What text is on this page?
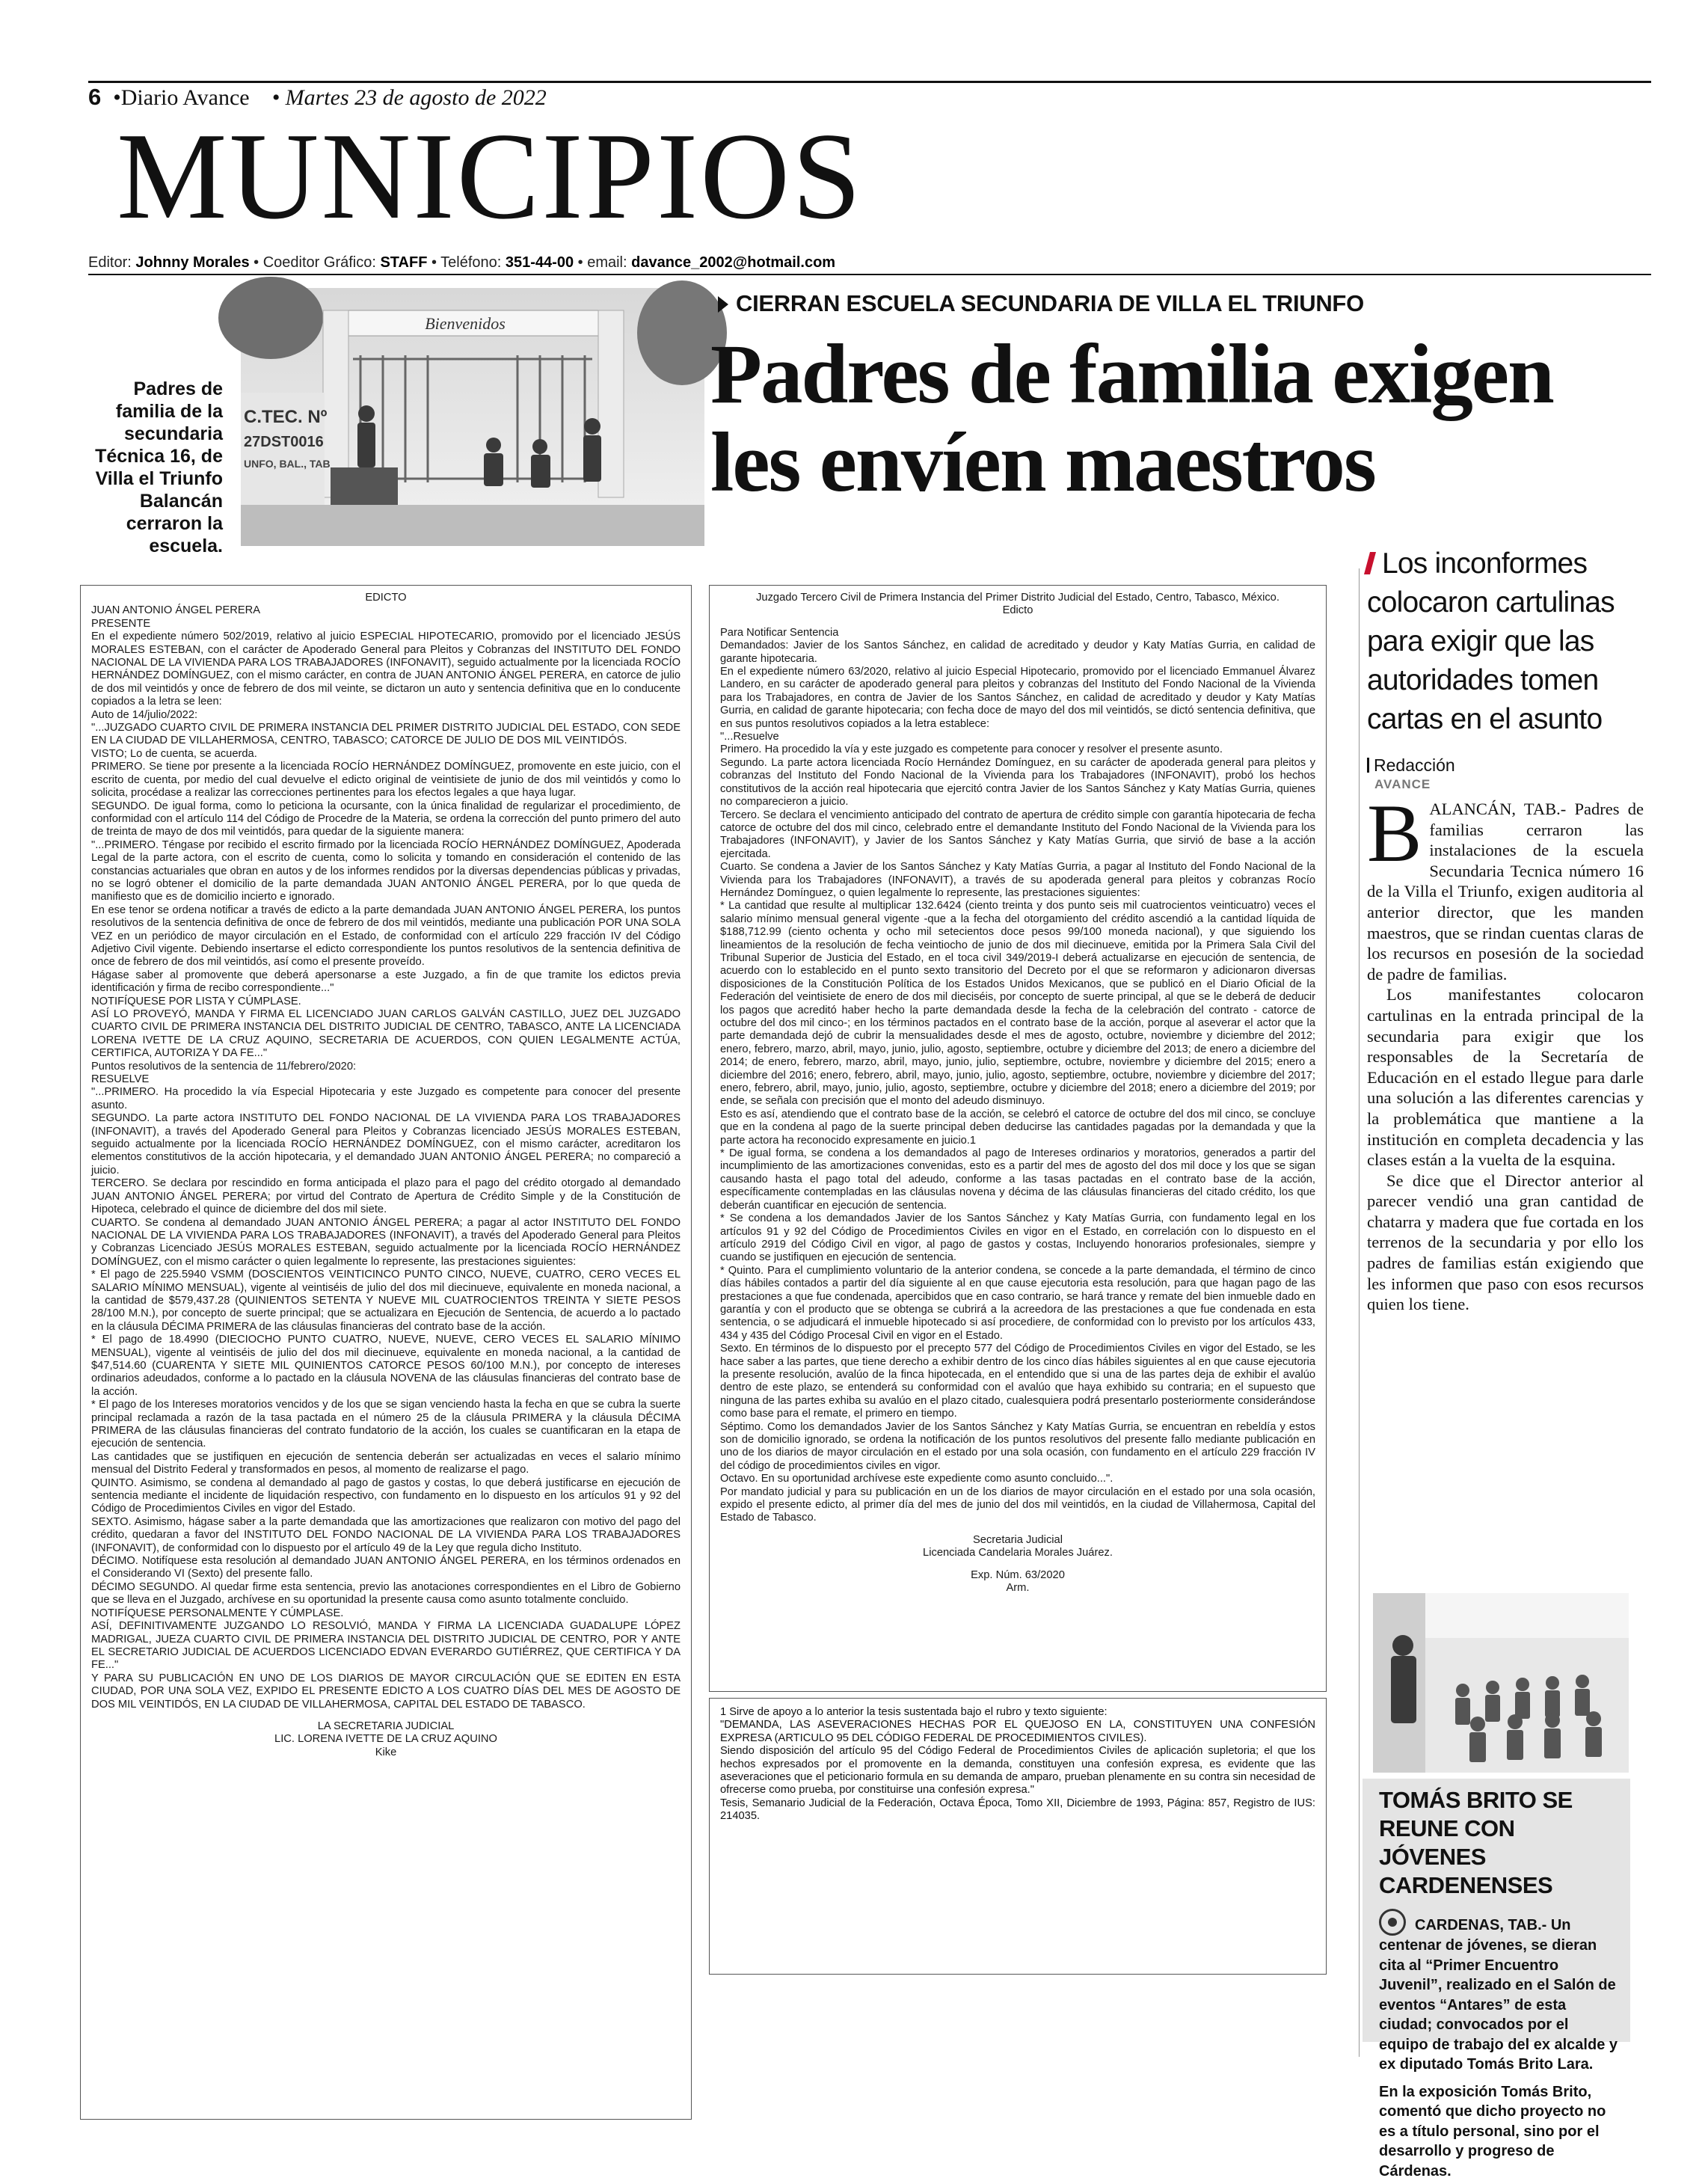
6 •Diario Avance • Martes 23 de agosto de 2022
MUNICIPIOS
Editor: Johnny Morales • Coeditor Gráfico: STAFF • Teléfono: 351-44-00 • email: davance_2002@hotmail.com
Bienvenidos
C.TEC. Nº
27DST0016
UNFO, BAL., TAB
Padres de familia de la secundaria Técnica 16, de Villa el Triunfo Balancán cerraron la escuela.
CIERRAN ESCUELA SECUNDARIA DE VILLA EL TRIUNFO
Padres de familia exigen
les envíen maestros

EDICTO

JUAN ANTONIO ÁNGEL PERERA

PRESENTE

En el expediente número 502/2019, relativo al juicio ESPECIAL HIPOTECARIO, promovido por el licenciado JESÚS MORALES ESTEBAN, con el carácter de Apoderado General para Pleitos y Cobranzas del INSTITUTO DEL FONDO NACIONAL DE LA VIVIENDA PARA LOS TRABAJADORES (INFONAVIT), seguido actualmente por la licenciada ROCÍO HERNÁNDEZ DOMÍNGUEZ, con el mismo carácter, en contra de JUAN ANTONIO ÁNGEL PERERA, en catorce de julio de dos mil veintidós y once de febrero de dos mil veinte, se dictaron un auto y sentencia definitiva que en lo conducente copiados a la letra se leen:

Auto de 14/julio/2022:

"...JUZGADO CUARTO CIVIL DE PRIMERA INSTANCIA DEL PRIMER DISTRITO JUDICIAL DEL ESTADO, CON SEDE EN LA CIUDAD DE VILLAHERMOSA, CENTRO, TABASCO; CATORCE DE JULIO DE DOS MIL VEINTIDÓS.

VISTO; Lo de cuenta, se acuerda.

PRIMERO. Se tiene por presente a la licenciada ROCÍO HERNÁNDEZ DOMÍNGUEZ, promovente en este juicio, con el escrito de cuenta, por medio del cual devuelve el edicto original de veintisiete de junio de dos mil veintidós y como lo solicita, procédase a realizar las correcciones pertinentes para los efectos legales a que haya lugar.

SEGUNDO. De igual forma, como lo peticiona la ocursante, con la única finalidad de regularizar el procedimiento, de conformidad con el artículo 114 del Código de Procedre de la Materia, se ordena la corrección del punto primero del auto de treinta de mayo de dos mil veintidós, para quedar de la siguiente manera:

"...PRIMERO. Téngase por recibido el escrito firmado por la licenciada ROCÍO HERNÁNDEZ DOMÍNGUEZ, Apoderada Legal de la parte actora, con el escrito de cuenta, como lo solicita y tomando en consideración el contenido de las constancias actuariales que obran en autos y de los informes rendidos por la diversas dependencias públicas y privadas, no se logró obtener el domicilio de la parte demandada JUAN ANTONIO ÁNGEL PERERA, por lo que queda de manifiesto que es de domicilio incierto e ignorado.

En ese tenor se ordena notificar a través de edicto a la parte demandada JUAN ANTONIO ÁNGEL PERERA, los puntos resolutivos de la sentencia definitiva de once de febrero de dos mil veintidós, mediante una publicación POR UNA SOLA VEZ en un periódico de mayor circulación en el Estado, de conformidad con el artículo 229 fracción IV del Código Adjetivo Civil vigente. Debiendo insertarse el edicto correspondiente los puntos resolutivos de la sentencia definitiva de once de febrero de dos mil veintidós, así como el presente proveído.

Hágase saber al promovente que deberá apersonarse a este Juzgado, a fin de que tramite los edictos previa identificación y firma de recibo correspondiente..."

NOTIFÍQUESE POR LISTA Y CÚMPLASE.

ASÍ LO PROVEYÓ, MANDA Y FIRMA EL LICENCIADO JUAN CARLOS GALVÁN CASTILLO, JUEZ DEL JUZGADO CUARTO CIVIL DE PRIMERA INSTANCIA DEL DISTRITO JUDICIAL DE CENTRO, TABASCO, ANTE LA LICENCIADA LORENA IVETTE DE LA CRUZ AQUINO, SECRETARIA DE ACUERDOS, CON QUIEN LEGALMENTE ACTÚA, CERTIFICA, AUTORIZA Y DA FE..."

Puntos resolutivos de la sentencia de 11/febrero/2020:

RESUELVE

"...PRIMERO. Ha procedido la vía Especial Hipotecaria y este Juzgado es competente para conocer del presente asunto.

SEGUNDO. La parte actora INSTITUTO DEL FONDO NACIONAL DE LA VIVIENDA PARA LOS TRABAJADORES (INFONAVIT), a través del Apoderado General para Pleitos y Cobranzas licenciado JESÚS MORALES ESTEBAN, seguido actualmente por la licenciada ROCÍO HERNÁNDEZ DOMÍNGUEZ, con el mismo carácter, acreditaron los elementos constitutivos de la acción hipotecaria, y el demandado JUAN ANTONIO ÁNGEL PERERA; no compareció a juicio.

TERCERO. Se declara por rescindido en forma anticipada el plazo para el pago del crédito otorgado al demandado JUAN ANTONIO ÁNGEL PERERA; por virtud del Contrato de Apertura de Crédito Simple y de la Constitución de Hipoteca, celebrado el quince de diciembre del dos mil siete.

CUARTO. Se condena al demandado JUAN ANTONIO ÁNGEL PERERA; a pagar al actor INSTITUTO DEL FONDO NACIONAL DE LA VIVIENDA PARA LOS TRABAJADORES (INFONAVIT), a través del Apoderado General para Pleitos y Cobranzas Licenciado JESÚS MORALES ESTEBAN, seguido actualmente por la licenciada ROCÍO HERNÁNDEZ DOMÍNGUEZ, con el mismo carácter o quien legalmente lo represente, las prestaciones siguientes:

* El pago de 225.5940 VSMM (DOSCIENTOS VEINTICINCO PUNTO CINCO, NUEVE, CUATRO, CERO VECES EL SALARIO MÍNIMO MENSUAL), vigente al veintiséis de julio del dos mil diecinueve, equivalente en moneda nacional, a la cantidad de $579,437.28 (QUINIENTOS SETENTA Y NUEVE MIL CUATROCIENTOS TREINTA Y SIETE PESOS 28/100 M.N.), por concepto de suerte principal; que se actualizara en Ejecución de Sentencia, de acuerdo a lo pactado en la cláusula DÉCIMA PRIMERA de las cláusulas financieras del contrato base de la acción.

* El pago de 18.4990 (DIECIOCHO PUNTO CUATRO, NUEVE, NUEVE, CERO VECES EL SALARIO MÍNIMO MENSUAL), vigente al veintiséis de julio del dos mil diecinueve, equivalente en moneda nacional, a la cantidad de $47,514.60 (CUARENTA Y SIETE MIL QUINIENTOS CATORCE PESOS 60/100 M.N.), por concepto de intereses ordinarios adeudados, conforme a lo pactado en la cláusula NOVENA de las cláusulas financieras del contrato base de la acción.

* El pago de los Intereses moratorios vencidos y de los que se sigan venciendo hasta la fecha en que se cubra la suerte principal reclamada a razón de la tasa pactada en el número 25 de la cláusula PRIMERA y la cláusula DÉCIMA PRIMERA de las cláusulas financieras del contrato fundatorio de la acción, los cuales se cuantificaran en la etapa de ejecución de sentencia.

Las cantidades que se justifiquen en ejecución de sentencia deberán ser actualizadas en veces el salario mínimo mensual del Distrito Federal y transformados en pesos, al momento de realizarse el pago.

QUINTO. Asimismo, se condena al demandado al pago de gastos y costas, lo que deberá justificarse en ejecución de sentencia mediante el incidente de liquidación respectivo, con fundamento en lo dispuesto en los artículos 91 y 92 del Código de Procedimientos Civiles en vigor del Estado.

SEXTO. Asimismo, hágase saber a la parte demandada que las amortizaciones que realizaron con motivo del pago del crédito, quedaran a favor del INSTITUTO DEL FONDO NACIONAL DE LA VIVIENDA PARA LOS TRABAJADORES (INFONAVIT), de conformidad con lo dispuesto por el artículo 49 de la Ley que regula dicho Instituto.

DÉCIMO. Notifíquese esta resolución al demandado JUAN ANTONIO ÁNGEL PERERA, en los términos ordenados en el Considerando VI (Sexto) del presente fallo.

DÉCIMO SEGUNDO. Al quedar firme esta sentencia, previo las anotaciones correspondientes en el Libro de Gobierno que se lleva en el Juzgado, archívese en su oportunidad la presente causa como asunto totalmente concluido.

NOTIFÍQUESE PERSONALMENTE Y CÚMPLASE.

ASÍ, DEFINITIVAMENTE JUZGANDO LO RESOLVIÓ, MANDA Y FIRMA LA LICENCIADA GUADALUPE LÓPEZ MADRIGAL, JUEZA CUARTO CIVIL DE PRIMERA INSTANCIA DEL DISTRITO JUDICIAL DE CENTRO, POR Y ANTE EL SECRETARIO JUDICIAL DE ACUERDOS LICENCIADO EDVAN EVERARDO GUTIÉRREZ, QUE CERTIFICA Y DA FE..."

Y PARA SU PUBLICACIÓN EN UNO DE LOS DIARIOS DE MAYOR CIRCULACIÓN QUE SE EDITEN EN ESTA CIUDAD, POR UNA SOLA VEZ, EXPIDO EL PRESENTE EDICTO A LOS CUATRO DÍAS DEL MES DE AGOSTO DE DOS MIL VEINTIDÓS, EN LA CIUDAD DE VILLAHERMOSA, CAPITAL DEL ESTADO DE TABASCO.

LA SECRETARIA JUDICIAL

LIC. LORENA IVETTE DE LA CRUZ AQUINO

Kike

Juzgado Tercero Civil de Primera Instancia del Primer Distrito Judicial del Estado, Centro, Tabasco, México.

Edicto

Para Notificar Sentencia

Demandados: Javier de los Santos Sánchez, en calidad de acreditado y deudor y Katy Matías Gurria, en calidad de garante hipotecaria.

En el expediente número 63/2020, relativo al juicio Especial Hipotecario, promovido por el licenciado Emmanuel Álvarez Landero, en su carácter de apoderado general para pleitos y cobranzas del Instituto del Fondo Nacional de la Vivienda para los Trabajadores, en contra de Javier de los Santos Sánchez, en calidad de acreditado y deudor y Katy Matías Gurria, en calidad de garante hipotecaria; con fecha doce de mayo del dos mil veintidós, se dictó sentencia definitiva, que en sus puntos resolutivos copiados a la letra establece:

"...Resuelve

Primero. Ha procedido la vía y este juzgado es competente para conocer y resolver el presente asunto.

Segundo. La parte actora licenciada Rocío Hernández Domínguez, en su carácter de apoderada general para pleitos y cobranzas del Instituto del Fondo Nacional de la Vivienda para los Trabajadores (INFONAVIT), probó los hechos constitutivos de la acción real hipotecaria que ejercitó contra Javier de los Santos Sánchez y Katy Matías Gurria, quienes no comparecieron a juicio.

Tercero. Se declara el vencimiento anticipado del contrato de apertura de crédito simple con garantía hipotecaria de fecha catorce de octubre del dos mil cinco, celebrado entre el demandante Instituto del Fondo Nacional de la Vivienda para los Trabajadores (INFONAVIT), y Javier de los Santos Sánchez y Katy Matías Gurria, que sirvió de base a la acción ejercitada.

Cuarto. Se condena a Javier de los Santos Sánchez y Katy Matías Gurria, a pagar al Instituto del Fondo Nacional de la Vivienda para los Trabajadores (INFONAVIT), a través de su apoderada general para pleitos y cobranzas Rocío Hernández Domínguez, o quien legalmente lo represente, las prestaciones siguientes:

* La cantidad que resulte al multiplicar 132.6424 (ciento treinta y dos punto seis mil cuatrocientos veinticuatro) veces el salario mínimo mensual general vigente -que a la fecha del otorgamiento del crédito ascendió a la cantidad líquida de $188,712.99 (ciento ochenta y ocho mil setecientos doce pesos 99/100 moneda nacional), y que siguiendo los lineamientos de la resolución de fecha veintiocho de junio de dos mil diecinueve, emitida por la Primera Sala Civil del Tribunal Superior de Justicia del Estado, en el toca civil 349/2019-I deberá actualizarse en ejecución de sentencia, de acuerdo con lo establecido en el punto sexto transitorio del Decreto por el que se reformaron y adicionaron diversas disposiciones de la Constitución Política de los Estados Unidos Mexicanos, que se publicó en el Diario Oficial de la Federación del veintisiete de enero de dos mil dieciséis, por concepto de suerte principal, al que se le deberá de deducir los pagos que acreditó haber hecho la parte demandada desde la fecha de la celebración del contrato - catorce de octubre del dos mil cinco-; en los términos pactados en el contrato base de la acción, porque al aseverar el actor que la parte demandada dejó de cubrir la mensualidades desde el mes de agosto, octubre, noviembre y diciembre del 2012; enero, febrero, marzo, abril, mayo, junio, julio, agosto, septiembre, octubre y diciembre del 2013; de enero a diciembre del 2014; de enero, febrero, marzo, abril, mayo, junio, julio, septiembre, octubre, noviembre y diciembre del 2015; enero a diciembre del 2016; enero, febrero, abril, mayo, junio, julio, agosto, septiembre, octubre, noviembre y diciembre del 2017; enero, febrero, abril, mayo, junio, julio, agosto, septiembre, octubre y diciembre del 2018; enero a diciembre del 2019; por ende, se señala con precisión que el monto del adeudo disminuyo.

Esto es así, atendiendo que el contrato base de la acción, se celebró el catorce de octubre del dos mil cinco, se concluye que en la condena al pago de la suerte principal deben deducirse las cantidades pagadas por la demandada y que la parte actora ha reconocido expresamente en juicio.1

* De igual forma, se condena a los demandados al pago de Intereses ordinarios y moratorios, generados a partir del incumplimiento de las amortizaciones convenidas, esto es a partir del mes de agosto del dos mil doce y los que se sigan causando hasta el pago total del adeudo, conforme a las tasas pactadas en el contrato base de la acción, específicamente contempladas en las cláusulas novena y décima de las cláusulas financieras del citado crédito, los que deberán cuantificar en ejecución de sentencia.

* Se condena a los demandados Javier de los Santos Sánchez y Katy Matías Gurria, con fundamento legal en los artículos 91 y 92 del Código de Procedimientos Civiles en vigor en el Estado, en correlación con lo dispuesto en el artículo 2919 del Código Civil en vigor, al pago de gastos y costas, Incluyendo honorarios profesionales, siempre y cuando se justifiquen en ejecución de sentencia.

* Quinto. Para el cumplimiento voluntario de la anterior condena, se concede a la parte demandada, el término de cinco días hábiles contados a partir del día siguiente al en que cause ejecutoria esta resolución, para que hagan pago de las prestaciones a que fue condenada, apercibidos que en caso contrario, se hará trance y remate del bien inmueble dado en garantía y con el producto que se obtenga se cubrirá a la acreedora de las prestaciones a que fue condenada en esta sentencia, o se adjudicará el inmueble hipotecado si así procediere, de conformidad con lo previsto por los artículos 433, 434 y 435 del Código Procesal Civil en vigor en el Estado.

Sexto. En términos de lo dispuesto por el precepto 577 del Código de Procedimientos Civiles en vigor del Estado, se les hace saber a las partes, que tiene derecho a exhibir dentro de los cinco días hábiles siguientes al en que cause ejecutoria la presente resolución, avalúo de la finca hipotecada, en el entendido que si una de las partes deja de exhibir el avalúo dentro de este plazo, se entenderá su conformidad con el avalúo que haya exhibido su contraria; en el supuesto que ninguna de las partes exhiba su avalúo en el plazo citado, cualesquiera podrá presentarlo posteriormente considerándose como base para el remate, el primero en tiempo.

Séptimo. Como los demandados Javier de los Santos Sánchez y Katy Matías Gurria, se encuentran en rebeldía y estos son de domicilio ignorado, se ordena la notificación de los puntos resolutivos del presente fallo mediante publicación en uno de los diarios de mayor circulación en el estado por una sola ocasión, con fundamento en el artículo 229 fracción IV del código de procedimientos civiles en vigor.

Octavo. En su oportunidad archívese este expediente como asunto concluido...".

Por mandato judicial y para su publicación en un de los diarios de mayor circulación en el estado por una sola ocasión, expido el presente edicto, al primer día del mes de junio del dos mil veintidós, en la ciudad de Villahermosa, Capital del Estado de Tabasco.

Secretaria Judicial

Licenciada Candelaria Morales Juárez.

Exp. Núm. 63/2020

Arm.

1 Sirve de apoyo a lo anterior la tesis sustentada bajo el rubro y texto siguiente:

"DEMANDA, LAS ASEVERACIONES HECHAS POR EL QUEJOSO EN LA, CONSTITUYEN UNA CONFESIÓN EXPRESA (ARTICULO 95 DEL CÓDIGO FEDERAL DE PROCEDIMIENTOS CIVILES).

Siendo disposición del artículo 95 del Código Federal de Procedimientos Civiles de aplicación supletoria; el que los hechos expresados por el promovente en la demanda, constituyen una confesión expresa, es evidente que las aseveraciones que el peticionario formula en su demanda de amparo, prueban plenamente en su contra sin necesidad de ofrecerse como prueba, por constituirse una confesión expresa."

Tesis, Semanario Judicial de la Federación, Octava Época, Tomo XII, Diciembre de 1993, Página: 857, Registro de IUS: 214035.

Los inconformes colocaron cartulinas para exigir que las autoridades tomen cartas en el asunto
Redacción
AVANCE

BALANCÁN, TAB.- Padres de familias cerraron las instalaciones de la escuela Secundaria Tecnica número 16 de la Villa el Triunfo, exigen auditoria al anterior director, que les manden maestros, que se rindan cuentas claras de los recursos en posesión de la sociedad de padre de familias.

Los manifestantes colocaron cartulinas en la entrada principal de la secundaria para exigir que los responsables de la Secretaría de Educación en el estado llegue para darle una solución a las diferentes carencias y la problemática que mantiene a la institución en completa decadencia y las clases están a la vuelta de la esquina.

Se dice que el Director anterior al parecer vendió una gran cantidad de chatarra y madera que fue cortada en los terrenos de la secundaria y por ello los padres de familias están exigiendo que les informen que paso con esos recursos quien los tiene.

TOMÁS BRITO SE REUNE CON JÓVENES CARDENENSES

CARDENAS, TAB.- Un centenar de jóvenes, se dieran cita al “Primer Encuentro Juvenil”, realizado en el Salón de eventos “Antares” de esta ciudad; convocados por el equipo de trabajo del ex alcalde y ex diputado Tomás Brito Lara.

En la exposición Tomás Brito, comentó que dicho proyecto no es a título personal, sino por el desarrollo y progreso de Cárdenas.
